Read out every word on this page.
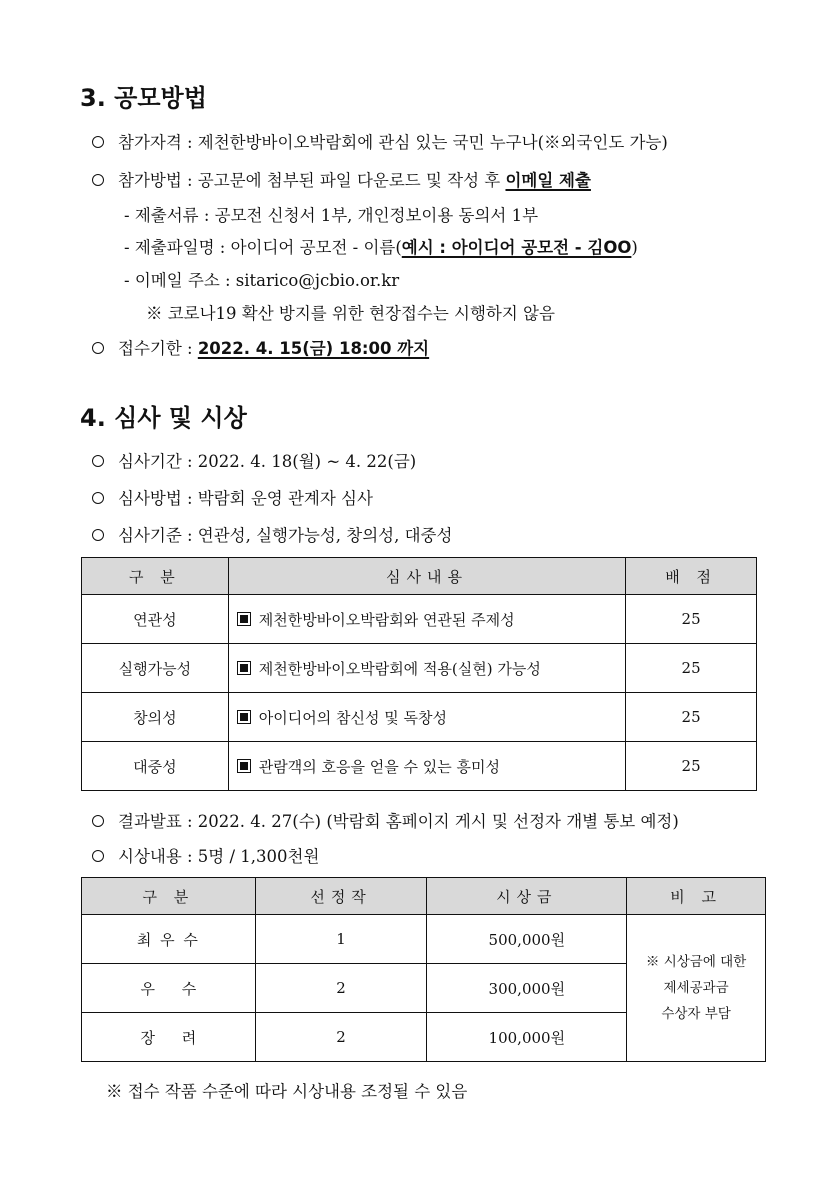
3. 공모방법
참가자격 : 제천한방바이오박람회에 관심 있는 국민 누구나(※외국인도 가능)
참가방법 : 공고문에 첨부된 파일 다운로드 및 작성 후 이메일 제출
- 제출서류 : 공모전 신청서 1부, 개인정보이용 동의서 1부
- 제출파일명 : 아이디어 공모전 - 이름(예시 : 아이디어 공모전 - 김OO)
- 이메일 주소 : sitarico@jcbio.or.kr
※ 코로나19 확산 방지를 위한 현장접수는 시행하지 않음
접수기한 : 2022. 4. 15(금) 18:00 까지
4. 심사 및 시상
심사기간 : 2022. 4. 18(월) ~ 4. 22(금)
심사방법 : 박람회 운영 관계자 심사
심사기준 : 연관성, 실행가능성, 창의성, 대중성
구 분	심사내용	배 점
연관성	제천한방바이오박람회와 연관된 주제성	25
실행가능성	제천한방바이오박람회에 적용(실현) 가능성	25
창의성	아이디어의 참신성 및 독창성	25
대중성	관람객의 호응을 얻을 수 있는 흥미성	25
결과발표 : 2022. 4. 27(수) (박람회 홈페이지 게시 및 선정자 개별 통보 예정)
시상내용 : 5명 / 1,300천원
구 분	선정작	시상금	비 고
최 우 수	1	500,000원	※ 시상금에 대한
제세공과금
수상자 부담

우 수	2	300,000원	
장 려	2	100,000원	
※ 접수 작품 수준에 따라 시상내용 조정될 수 있음
